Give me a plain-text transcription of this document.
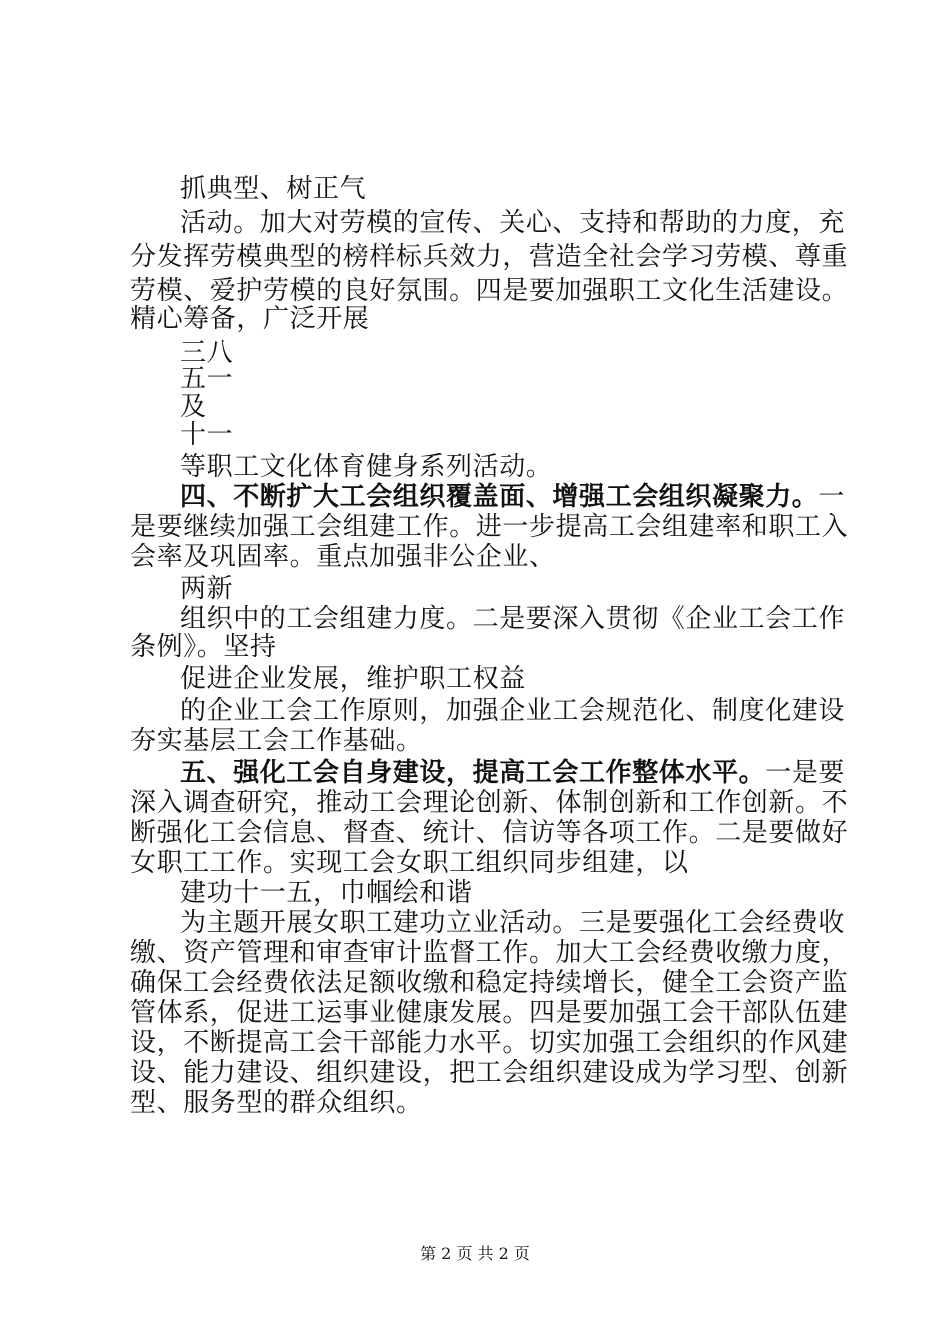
抓典型、树正气
活动。加大对劳模的宣传、关心、支持和帮助的力度，充
分发挥劳模典型的榜样标兵效力，营造全社会学习劳模、尊重
劳模、爱护劳模的良好氛围。四是要加强职工文化生活建设。
精心筹备，广泛开展
三八
五一
及
十一
等职工文化体育健身系列活动。
四、不断扩大工会组织覆盖面、增强工会组织凝聚力。一
是要继续加强工会组建工作。进一步提高工会组建率和职工入
会率及巩固率。重点加强非公企业、
两新
组织中的工会组建力度。二是要深入贯彻《企业工会工作
条例》。坚持
促进企业发展，维护职工权益
的企业工会工作原则，加强企业工会规范化、制度化建设
夯实基层工会工作基础。
五、强化工会自身建设，提高工会工作整体水平。一是要
深入调查研究，推动工会理论创新、体制创新和工作创新。不
断强化工会信息、督查、统计、信访等各项工作。二是要做好
女职工工作。实现工会女职工组织同步组建，以
建功十一五，巾帼绘和谐
为主题开展女职工建功立业活动。三是要强化工会经费收
缴、资产管理和审查审计监督工作。加大工会经费收缴力度，
确保工会经费依法足额收缴和稳定持续增长，健全工会资产监
管体系，促进工运事业健康发展。四是要加强工会干部队伍建
设，不断提高工会干部能力水平。切实加强工会组织的作风建
设、能力建设、组织建设，把工会组织建设成为学习型、创新
型、服务型的群众组织。
第 2 页 共 2 页
